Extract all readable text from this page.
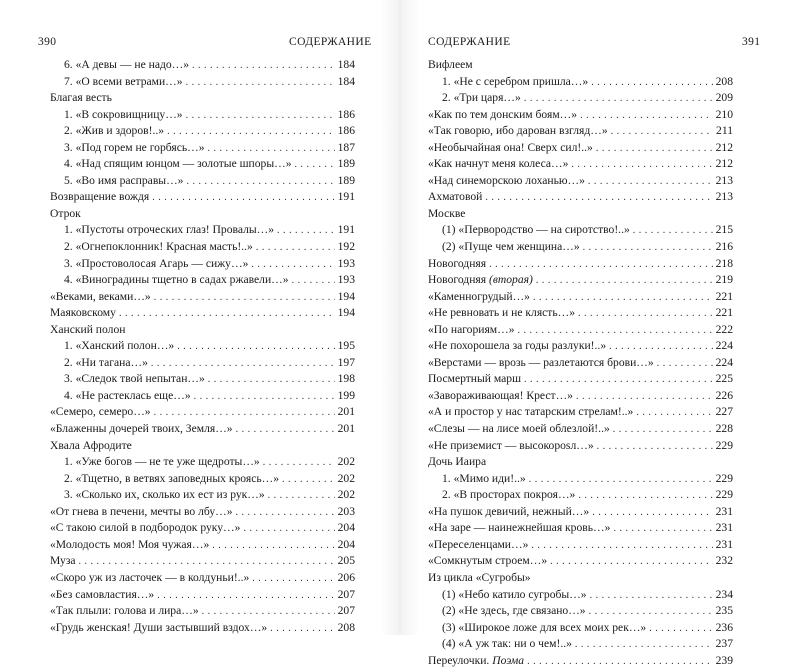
390	СОДЕРЖАНИЕ
6. «А девы — не надо…» . . .	184
7. «О всеми ветрами…» . . .	184
Благая весть
1. «В сокровищницу…» . . .	186
2. «Жив и здоров!..» . . .	186
3. «Под горем не горбясь…» . . .	187
4. «Над спящим юнцом — золотые шпоры…» . . .	189
5. «Во имя расправы…» . . .	189
Возвращение вождя . . .	191
Отрок
1. «Пустоты отроческих глаз! Провалы…» . . .	191
2. «Огнепоклонник! Красная масть!..» . . .	192
3. «Простоволосая Агарь — сижу…» . . .	193
4. «Виноградины тщетно в садах ржавели…» . . .	193
«Веками, веками…» . . .	194
Маяковскому . . .	194
Ханский полон
1. «Ханский полон…» . . .	195
2. «Ни тагана…» . . .	197
3. «Следок твой непытан…» . . .	198
4. «Не растеклась еще…» . . .	199
«Семеро, семеро…» . . .	201
«Блаженны дочерей твоих, Земля…» . . .	201
Хвала Афродите
1. «Уже богов — не те уже щедроты…» . . .	202
2. «Тщетно, в ветвях заповедных кроясь…» . . .	202
3. «Сколько их, сколько их ест из рук…» . . .	202
«От гнева в печени, мечты во лбу…» . . .	203
«С такою силой в подбородок руку…» . . .	204
«Молодость моя! Моя чужая…» . . .	204
Муза . . .	205
«Скоро уж из ласточек — в колдуньи!..» . . .	206
«Без самовластия…» . . .	207
«Так плыли: голова и лира…» . . .	207
«Грудь женская! Души застывший вздох…» . . .	208
СОДЕРЖАНИЕ	391
Вифлеем
1. «Не с серебром пришла…» . . .	208
2. «Три царя…» . . .	209
«Как по тем донским боям…» . . .	210
«Так говорю, ибо дарован взгляд…» . . .	211
«Необычайная она! Сверх сил!..» . . .	212
«Как начнут меня колеса…» . . .	212
«Над синеморскою лоханью…» . . .	213
Ахматовой . . .	213
Москве
(1) «Первородство — на сиротство!..» . . .	215
(2) «Пуще чем женщина…» . . .	216
Новогодняя . . .	218
Новогодняя (вторая) . . .	219
«Каменногрудый…» . . .	221
«Не ревновать и не клясть…» . . .	221
«По нагориям…» . . .	222
«Не похорошела за годы разлуки!..» . . .	224
«Верстами — врозь — разлетаются брови…» . . .	224
Посмертный марш . . .	225
«Завораживающая! Крест…» . . .	226
«А и простор у нас татарским стрелам!..» . . .	227
«Слезы — на лисе моей облезлой!..» . . .	228
«Не приземист — высокорosл…» . . .	229
Дочь Иаира
1. «Мимо иди!..» . . .	229
2. «В просторах покроя…» . . .	229
«На пушок девичий, нежный…» . . .	231
«На заре — наинежнейшая кровь…» . . .	231
«Переселенцами…» . . .	231
«Сомкнутым строем…» . . .	232
Из цикла «Сугробы»
(1) «Небо катило сугробы…» . . .	234
(2) «Не здесь, где связано…» . . .	235
(3) «Широкое ложе для всех моих рек…» . . .	236
(4) «А уж так: ни о чем!..» . . .	237
Переулочки. Поэма . . .	239
